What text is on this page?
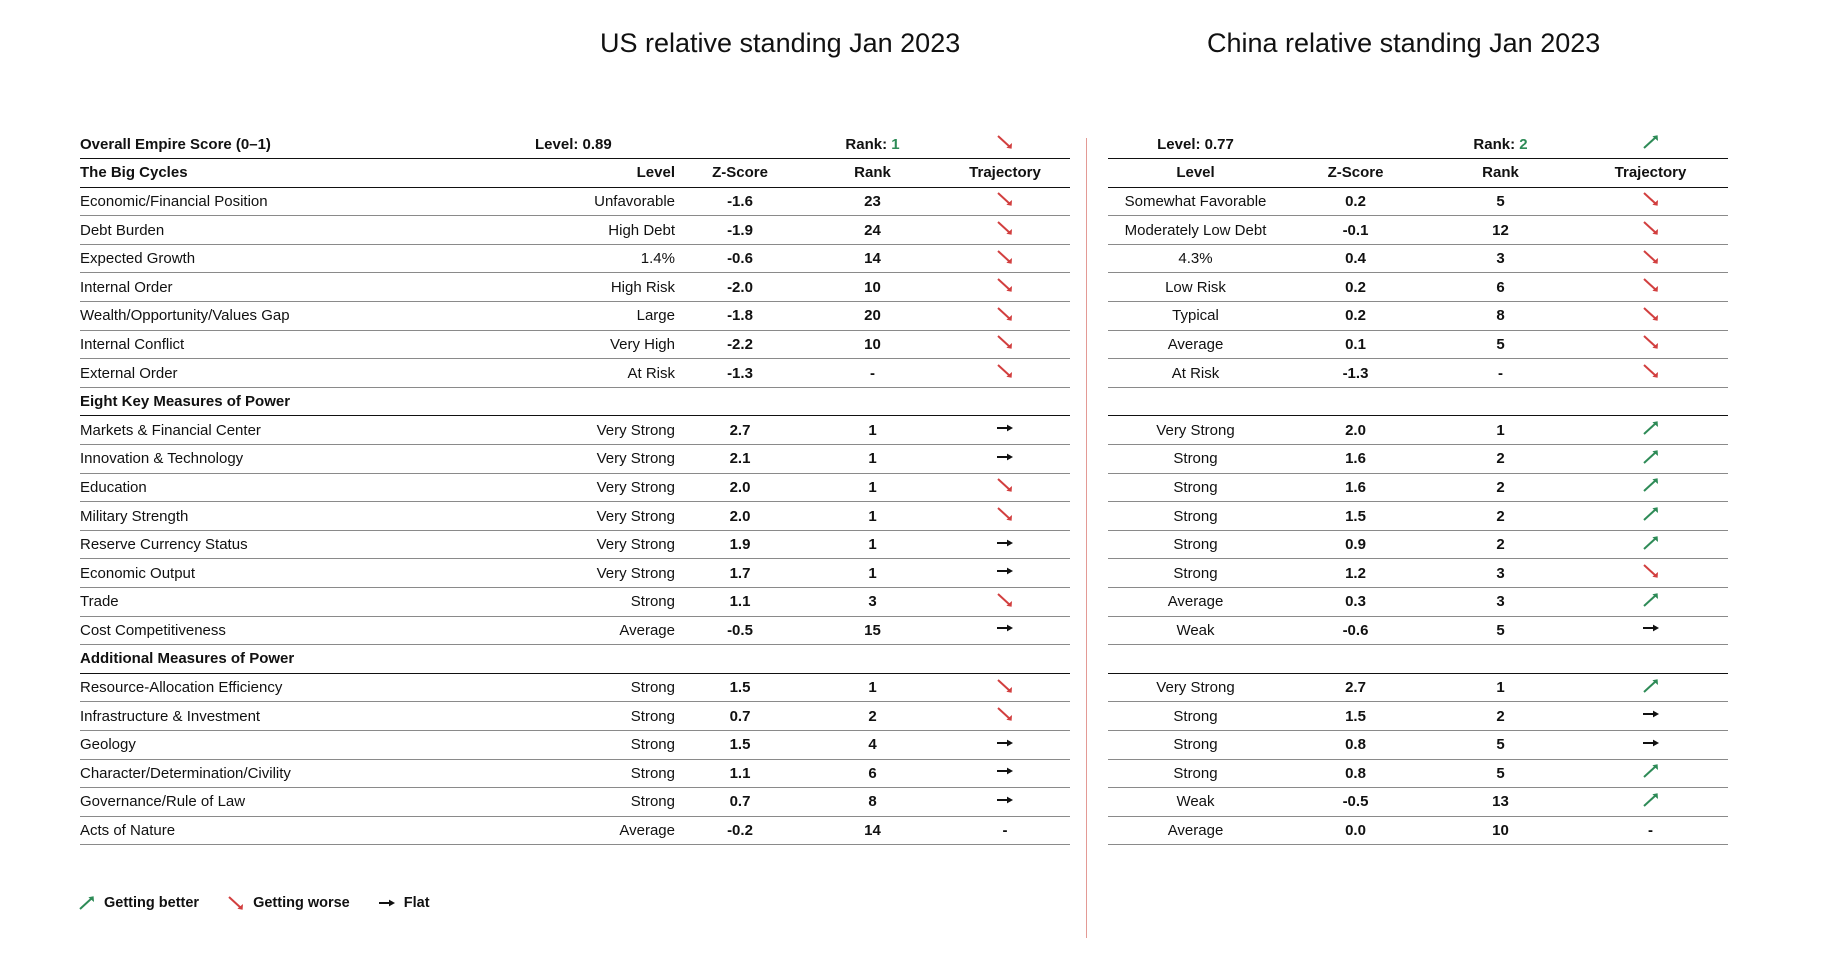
US relative standing Jan 2023	China relative standing Jan 2023
Overall Empire Score (0–1)	Level: 0.89		Rank: 1	

The Big Cycles	Level	Z-Score	Rank	Trajectory
Economic/Financial Position	Unfavorable	-1.6	23	

Debt Burden	High Debt	-1.9	24	

Expected Growth	1.4%	-0.6	14	

Internal Order	High Risk	-2.0	10	

Wealth/Opportunity/Values Gap	Large	-1.8	20	

Internal Conflict	Very High	-2.2	10	

External Order	At Risk	-1.3	-	

Eight Key Measures of Power				
Markets & Financial Center	Very Strong	2.7	1	

Innovation & Technology	Very Strong	2.1	1	

Education	Very Strong	2.0	1	

Military Strength	Very Strong	2.0	1	

Reserve Currency Status	Very Strong	1.9	1	

Economic Output	Very Strong	1.7	1	

Trade	Strong	1.1	3	

Cost Competitiveness	Average	-0.5	15	

Additional Measures of Power				
Resource-Allocation Efficiency	Strong	1.5	1	

Infrastructure & Investment	Strong	0.7	2	

Geology	Strong	1.5	4	

Character/Determination/Civility	Strong	1.1	6	

Governance/Rule of Law	Strong	0.7	8	

Acts of Nature	Average	-0.2	14	-
Level: 0.77		Rank: 2	

Level	Z-Score	Rank	Trajectory
Somewhat Favorable	0.2	5	

Moderately Low Debt	-0.1	12	

4.3%	0.4	3	

Low Risk	0.2	6	

Typical	0.2	8	

Average	0.1	5	

At Risk	-1.3	-	

Very Strong	2.0	1	

Strong	1.6	2	

Strong	1.6	2	

Strong	1.5	2	

Strong	0.9	2	

Strong	1.2	3	

Average	0.3	3	

Weak	-0.6	5	

Very Strong	2.7	1	

Strong	1.5	2	

Strong	0.8	5	

Strong	0.8	5	

Weak	-0.5	13	

Average	0.0	10	-
Getting better	Getting worse	Flat
